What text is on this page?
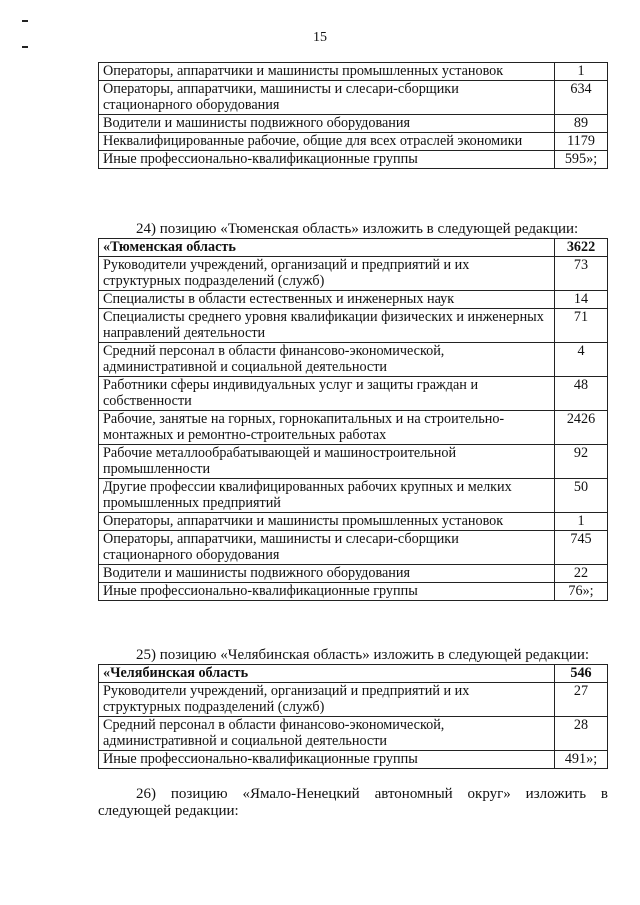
15
Операторы, аппаратчики и машинисты промышленных установок	1
Операторы, аппаратчики, машинисты и слесари-сборщики стационарного оборудования	634
Водители и машинисты подвижного оборудования	89
Неквалифицированные рабочие, общие для всех отраслей экономики	1179
Иные профессионально-квалификационные группы	595»;
24) позицию «Тюменская область» изложить в следующей редакции:
«Тюменская область	3622
Руководители учреждений, организаций и предприятий и их структурных подразделений (служб)	73
Специалисты в области естественных и инженерных наук	14
Специалисты среднего уровня квалификации физических и инженерных направлений деятельности	71
Средний персонал в области финансово-экономической, административной и социальной деятельности	4
Работники сферы индивидуальных услуг и защиты граждан и собственности	48
Рабочие, занятые на горных, горнокапитальных и на строительно-монтажных и ремонтно-строительных работах	2426
Рабочие металлообрабатывающей и машиностроительной промышленности	92
Другие профессии квалифицированных рабочих крупных и мелких промышленных предприятий	50
Операторы, аппаратчики и машинисты промышленных установок	1
Операторы, аппаратчики, машинисты и слесари-сборщики стационарного оборудования	745
Водители и машинисты подвижного оборудования	22
Иные профессионально-квалификационные группы	76»;
25) позицию «Челябинская область» изложить в следующей редакции:
«Челябинская область	546
Руководители учреждений, организаций и предприятий и их структурных подразделений (служб)	27
Средний персонал в области финансово-экономической, административной и социальной деятельности	28
Иные профессионально-квалификационные группы	491»;
26) позицию «Ямало-Ненецкий автономный округ» изложить в следующей редакции:
